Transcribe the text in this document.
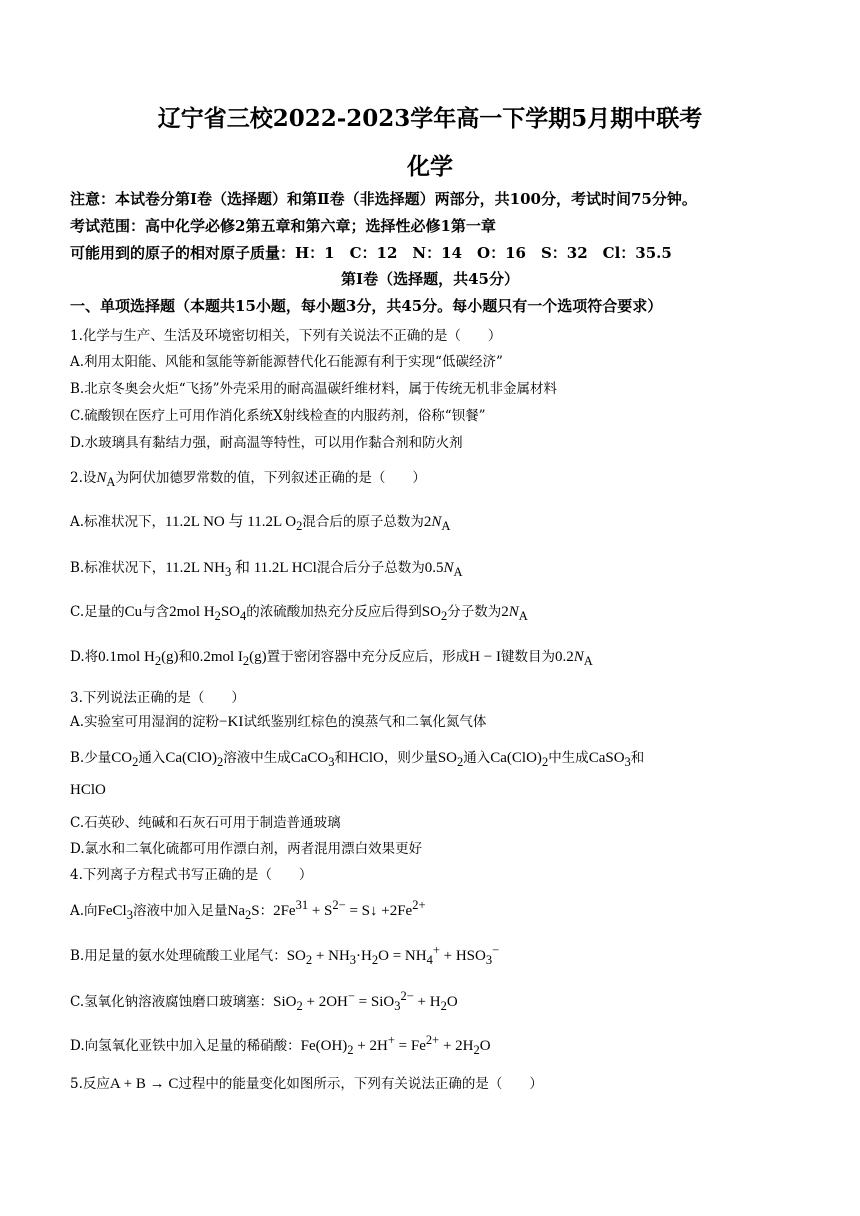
辽宁省三校2022-2023学年高一下学期5月期中联考
化学
注意：本试卷分第Ⅰ卷（选择题）和第Ⅱ卷（非选择题）两部分，共100分，考试时间75分钟。
考试范围：高中化学必修2第五章和第六章；选择性必修1第一章
可能用到的原子的相对原子质量：H：1　C：12　N：14　O：16　S：32　Cl：35.5
第Ⅰ卷（选择题，共45分）
一、单项选择题（本题共15小题，每小题3分，共45分。每小题只有一个选项符合要求）
1.化学与生产、生活及环境密切相关，下列有关说法不正确的是（　　）
A.利用太阳能、风能和氢能等新能源替代化石能源有利于实现“低碳经济”
B.北京冬奥会火炬“飞扬”外壳采用的耐高温碳纤维材料，属于传统无机非金属材料
C.硫酸钡在医疗上可用作消化系统X射线检查的内服药剂，俗称“钡餐”
D.水玻璃具有黏结力强，耐高温等特性，可以用作黏合剂和防火剂
2.设$N_A$为阿伏加德罗常数的值，下列叙述正确的是（　　）
A.标准状况下，11.2L NO 与 11.2L $O_2$混合后的原子总数为$2N_A$
B.标准状况下，11.2L $NH_3$ 和 11.2L HCl混合后分子总数为$0.5N_A$
C.足量的Cu与含2mol $H_2SO_4$的浓硫酸加热充分反应后得到$SO_2$分子数为$2N_A$
D.将0.1mol $H_2(g)$和0.2mol $I_2(g)$置于密闭容器中充分反应后，形成H − I键数目为$0.2N_A$
3.下列说法正确的是（　　）
A.实验室可用湿润的淀粉−KI试纸鉴别红棕色的溴蒸气和二氧化氮气体
B.少量$CO_2$通入$Ca(ClO)_2$溶液中生成CaCO$_3$和HClO，则少量$SO_2$通入$Ca(ClO)_2$中生成CaSO$_3$和
HClO
C.石英砂、纯碱和石灰石可用于制造普通玻璃
D.氯水和二氧化硫都可用作漂白剂，两者混用漂白效果更好
4.下列离子方程式书写正确的是（　　）
A.向FeCl$_3$溶液中加入足量$Na_2S$：$2Fe^{31} + S^{2-}$ = S↓ $+2Fe^{2+}$
B.用足量的氨水处理硫酸工业尾气：$SO_2 + NH_3\cdot H_2O = NH_4^+ + HSO_3^-$
C.氢氧化钠溶液腐蚀磨口玻璃塞：$SiO_2 + 2OH^- = SiO_3^{2-} + H_2O$
D.向氢氧化亚铁中加入足量的稀硝酸：$Fe(OH)_2 + 2H^+ = Fe^{2+} + 2H_2O$
5.反应A + B → C过程中的能量变化如图所示，下列有关说法正确的是（　　）
